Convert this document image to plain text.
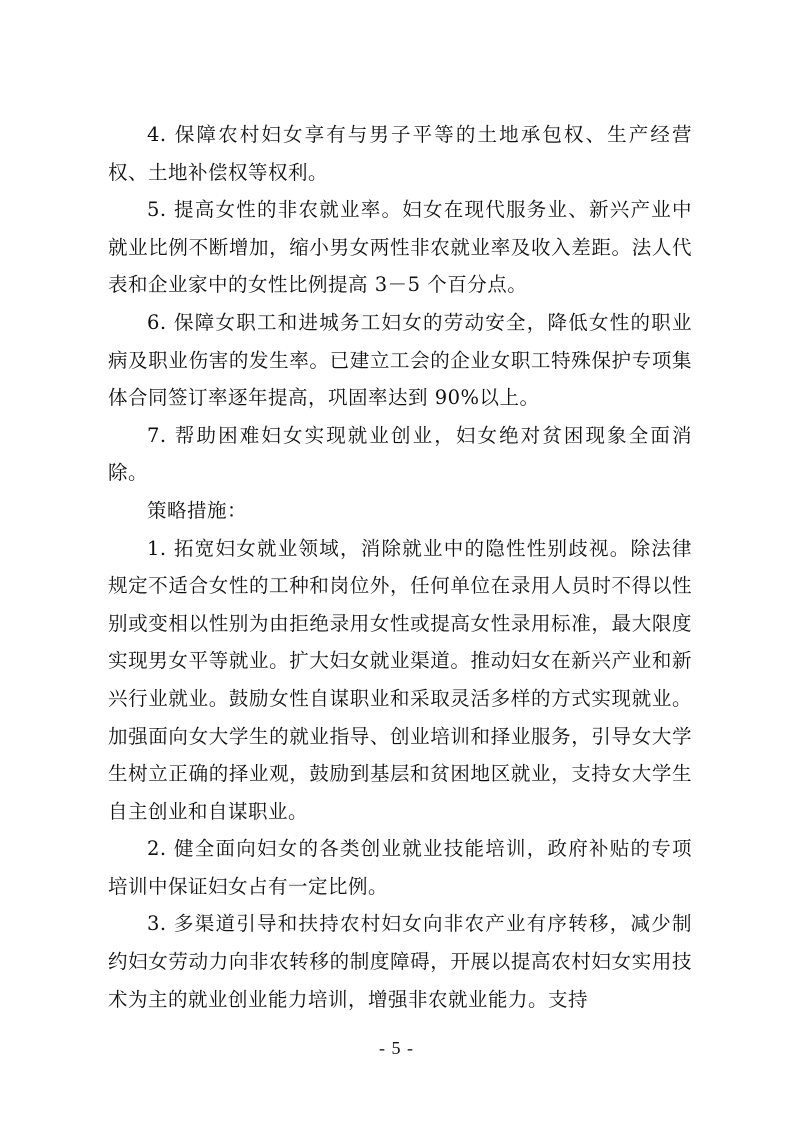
4. 保障农村妇女享有与男子平等的土地承包权、生产经营权、土地补偿权等权利。

5. 提高女性的非农就业率。妇女在现代服务业、新兴产业中就业比例不断增加，缩小男女两性非农就业率及收入差距。法人代表和企业家中的女性比例提高 3－5 个百分点。

6. 保障女职工和进城务工妇女的劳动安全，降低女性的职业病及职业伤害的发生率。已建立工会的企业女职工特殊保护专项集体合同签订率逐年提高，巩固率达到 90%以上。

7. 帮助困难妇女实现就业创业，妇女绝对贫困现象全面消除。

策略措施：

1. 拓宽妇女就业领域，消除就业中的隐性性别歧视。除法律规定不适合女性的工种和岗位外，任何单位在录用人员时不得以性别或变相以性别为由拒绝录用女性或提高女性录用标准，最大限度实现男女平等就业。扩大妇女就业渠道。推动妇女在新兴产业和新兴行业就业。鼓励女性自谋职业和采取灵活多样的方式实现就业。加强面向女大学生的就业指导、创业培训和择业服务，引导女大学生树立正确的择业观，鼓励到基层和贫困地区就业，支持女大学生自主创业和自谋职业。

2. 健全面向妇女的各类创业就业技能培训，政府补贴的专项培训中保证妇女占有一定比例。

3. 多渠道引导和扶持农村妇女向非农产业有序转移，减少制约妇女劳动力向非农转移的制度障碍，开展以提高农村妇女实用技术为主的就业创业能力培训，增强非农就业能力。支持

- 5 -
